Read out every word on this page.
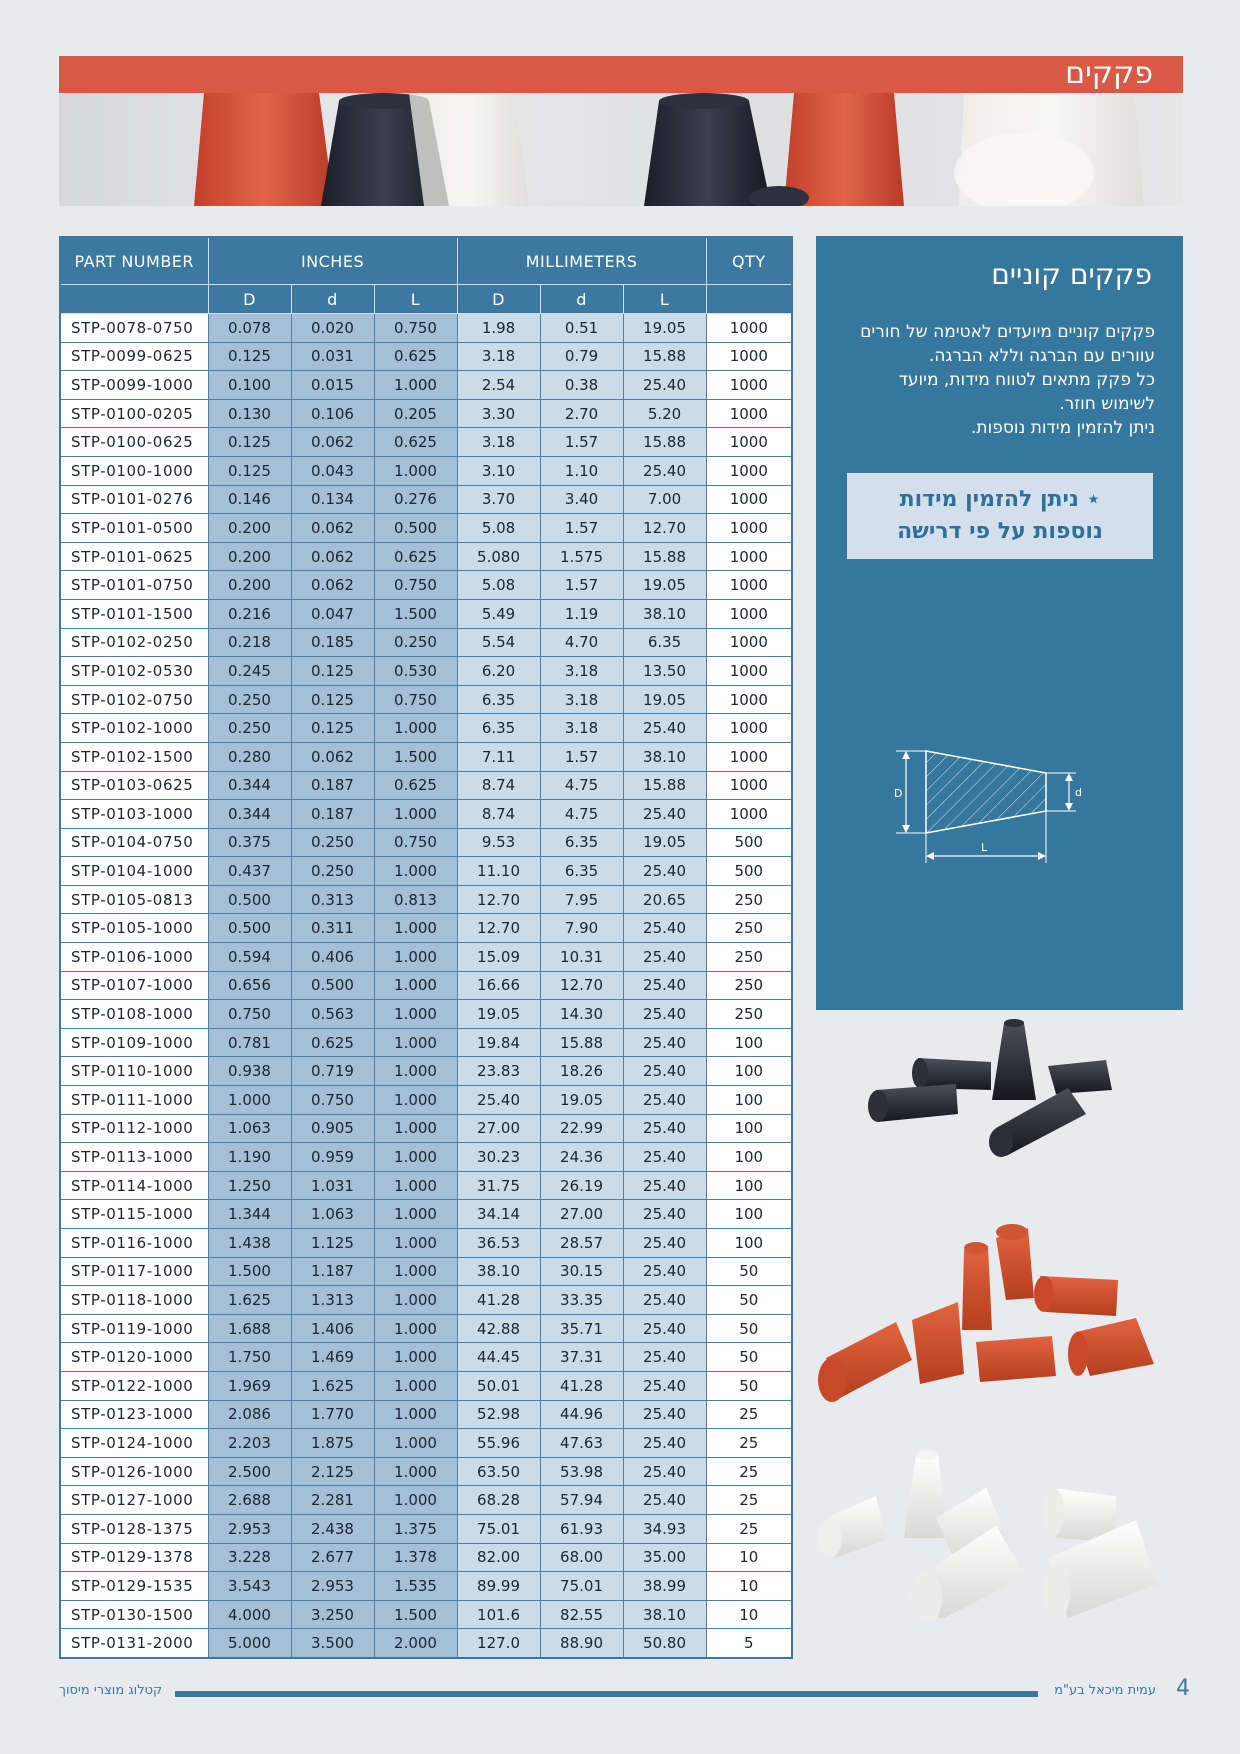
פקקים
PART NUMBER	INCHES			MILLIMETERS			QTY
	D	d	L	D	d	L	
STP-0078-0750	0.078	0.020	0.750	1.98	0.51	19.05	1000
STP-0099-0625	0.125	0.031	0.625	3.18	0.79	15.88	1000
STP-0099-1000	0.100	0.015	1.000	2.54	0.38	25.40	1000
STP-0100-0205	0.130	0.106	0.205	3.30	2.70	5.20	1000
STP-0100-0625	0.125	0.062	0.625	3.18	1.57	15.88	1000
STP-0100-1000	0.125	0.043	1.000	3.10	1.10	25.40	1000
STP-0101-0276	0.146	0.134	0.276	3.70	3.40	7.00	1000
STP-0101-0500	0.200	0.062	0.500	5.08	1.57	12.70	1000
STP-0101-0625	0.200	0.062	0.625	5.080	1.575	15.88	1000
STP-0101-0750	0.200	0.062	0.750	5.08	1.57	19.05	1000
STP-0101-1500	0.216	0.047	1.500	5.49	1.19	38.10	1000
STP-0102-0250	0.218	0.185	0.250	5.54	4.70	6.35	1000
STP-0102-0530	0.245	0.125	0.530	6.20	3.18	13.50	1000
STP-0102-0750	0.250	0.125	0.750	6.35	3.18	19.05	1000
STP-0102-1000	0.250	0.125	1.000	6.35	3.18	25.40	1000
STP-0102-1500	0.280	0.062	1.500	7.11	1.57	38.10	1000
STP-0103-0625	0.344	0.187	0.625	8.74	4.75	15.88	1000
STP-0103-1000	0.344	0.187	1.000	8.74	4.75	25.40	1000
STP-0104-0750	0.375	0.250	0.750	9.53	6.35	19.05	500
STP-0104-1000	0.437	0.250	1.000	11.10	6.35	25.40	500
STP-0105-0813	0.500	0.313	0.813	12.70	7.95	20.65	250
STP-0105-1000	0.500	0.311	1.000	12.70	7.90	25.40	250
STP-0106-1000	0.594	0.406	1.000	15.09	10.31	25.40	250
STP-0107-1000	0.656	0.500	1.000	16.66	12.70	25.40	250
STP-0108-1000	0.750	0.563	1.000	19.05	14.30	25.40	250
STP-0109-1000	0.781	0.625	1.000	19.84	15.88	25.40	100
STP-0110-1000	0.938	0.719	1.000	23.83	18.26	25.40	100
STP-0111-1000	1.000	0.750	1.000	25.40	19.05	25.40	100
STP-0112-1000	1.063	0.905	1.000	27.00	22.99	25.40	100
STP-0113-1000	1.190	0.959	1.000	30.23	24.36	25.40	100
STP-0114-1000	1.250	1.031	1.000	31.75	26.19	25.40	100
STP-0115-1000	1.344	1.063	1.000	34.14	27.00	25.40	100
STP-0116-1000	1.438	1.125	1.000	36.53	28.57	25.40	100
STP-0117-1000	1.500	1.187	1.000	38.10	30.15	25.40	50
STP-0118-1000	1.625	1.313	1.000	41.28	33.35	25.40	50
STP-0119-1000	1.688	1.406	1.000	42.88	35.71	25.40	50
STP-0120-1000	1.750	1.469	1.000	44.45	37.31	25.40	50
STP-0122-1000	1.969	1.625	1.000	50.01	41.28	25.40	50
STP-0123-1000	2.086	1.770	1.000	52.98	44.96	25.40	25
STP-0124-1000	2.203	1.875	1.000	55.96	47.63	25.40	25
STP-0126-1000	2.500	2.125	1.000	63.50	53.98	25.40	25
STP-0127-1000	2.688	2.281	1.000	68.28	57.94	25.40	25
STP-0128-1375	2.953	2.438	1.375	75.01	61.93	34.93	25
STP-0129-1378	3.228	2.677	1.378	82.00	68.00	35.00	10
STP-0129-1535	3.543	2.953	1.535	89.99	75.01	38.99	10
STP-0130-1500	4.000	3.250	1.500	101.6	82.55	38.10	10
STP-0131-2000	5.000	3.500	2.000	127.0	88.90	50.80	5
פקקים קוניים
פקקים קוניים מיועדים לאטימה של חורים
עוורים עם הברגה וללא הברגה.
כל פקק מתאים לטווח מידות, מיועד
לשימוש חוזר.
ניתן להזמין מידות נוספות.
⋆ ניתן להזמין מידות
נוספות על פי דרישה
D	d
L
קטלוג מוצרי מיסוך	עמית מיכאל בע"מ 4
